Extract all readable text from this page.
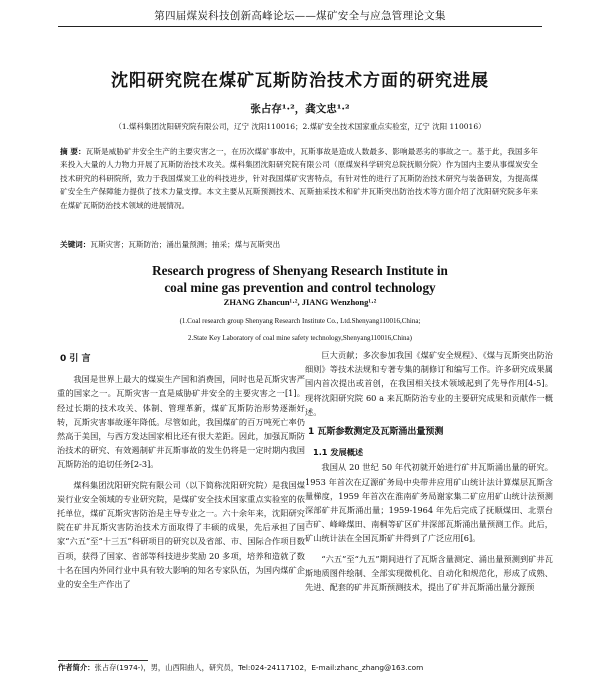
第四届煤炭科技创新高峰论坛——煤矿安全与应急管理论文集
沈阳研究院在煤矿瓦斯防治技术方面的研究进展
张占存¹·²，龚文忠¹·²
（1.煤科集团沈阳研究院有限公司，辽宁 沈阳110016；2.煤矿安全技术国家重点实验室，辽宁 沈阳 110016）
摘 要：瓦斯是威胁矿井安全生产的主要灾害之一，在历次煤矿事故中，瓦斯事故是造成人数最多、影响最恶劣的事故之一。基于此，我国多年来投入大量的人力物力开展了瓦斯防治技术攻关。煤科集团沈阳研究院有限公司（原煤炭科学研究总院抚顺分院）作为国内主要从事煤炭安全技术研究的科研院所，致力于我国煤炭工业的科技进步，针对我国煤矿灾害特点，有针对性的进行了瓦斯防治技术研究与装备研发，为提高煤矿安全生产保障能力提供了技术力量支撑。本文主要从瓦斯预测技术、瓦斯抽采技术和矿井瓦斯突出防治技术等方面介绍了沈阳研究院多年来在煤矿瓦斯防治技术领域的进展情况。
关键词：瓦斯灾害；瓦斯防治；涌出量预测；抽采；煤与瓦斯突出
Research progress of Shenyang Research Institute in
coal mine gas prevention and control technology
ZHANG Zhancun¹·², JIANG Wenzhong¹·²
(1.Coal research group Shenyang Research Institute Co., Ltd.Shenyang110016,China;
2.State Key Laboratory of coal mine safety technology,Shenyang110016,China)
0 引 言

我国是世界上最大的煤炭生产国和消费国，同时也是瓦斯灾害严重的国家之一。瓦斯灾害一直是威胁矿井安全的主要灾害之一[1]。经过长期的技术攻关、体制、管理革新，煤矿瓦斯防治形势逐渐好转，瓦斯灾害事故逐年降低。尽管如此，我国煤矿的百万吨死亡率仍然高于美国，与西方发达国家相比还有很大差距。因此，加强瓦斯防治技术的研究、有效遏制矿井瓦斯事故的发生仍将是一定时期内我国瓦斯防治的追切任务[2-3]。

煤科集团沈阳研究院有限公司（以下简称沈阳研究院）是我国煤炭行业安全领域的专业研究院，是煤矿安全技术国家重点实验室的依托单位，煤矿瓦斯灾害防治是主导专业之一。六十余年来，沈阳研究院在矿井瓦斯灾害防治技术方面取得了丰硕的成果，先后承担了国家“六五”至“十三五”科研项目的研究以及省部、市、国际合作项目数百项，获得了国家、省部等科技进步奖励 20 多项，培养和造就了数十名在国内外同行业中具有较大影响的知名专家队伍，为国内煤矿企业的安全生产作出了

巨大贡献；多次参加我国《煤矿安全规程》、《煤与瓦斯突出防治细则》等技术法规和专著专集的制修订和编写工作。许多研究成果属国内首次提出或首创，在我国相关技术领域起到了先导作用[4-5]。现将沈阳研究院 60 a 来瓦斯防治专业的主要研究成果和贡献作一概述。

1 瓦斯参数测定及瓦斯涌出量预测
1.1 发展概述

我国从 20 世纪 50 年代初就开始进行矿井瓦斯涌出量的研究。1953 年首次在辽源矿务局中央带井应用矿山统计法计算煤层瓦斯含量梯度，1959 年首次在淮南矿务局谢家集二矿应用矿山统计法预测深部矿井瓦斯涌出量；1959-1964 年先后完成了抚顺煤田、北票台吉矿、峰峰煤田、南桐等矿区矿井深部瓦斯涌出量预测工作。此后，矿山统计法在全国瓦斯矿井得到了广泛应用[6]。

“六五”至“九五”期间进行了瓦斯含量测定、涌出量预测到矿井瓦斯地质图件绘制、全部实现微机化、自动化和规范化，形成了成熟、先进、配套的矿井瓦斯预测技术，提出了矿井瓦斯涌出量分源预

作者简介：张占存(1974-)，男，山西阳曲人，研究员，Tel:024-24117102，E-mail:zhanc_zhang@163.com
